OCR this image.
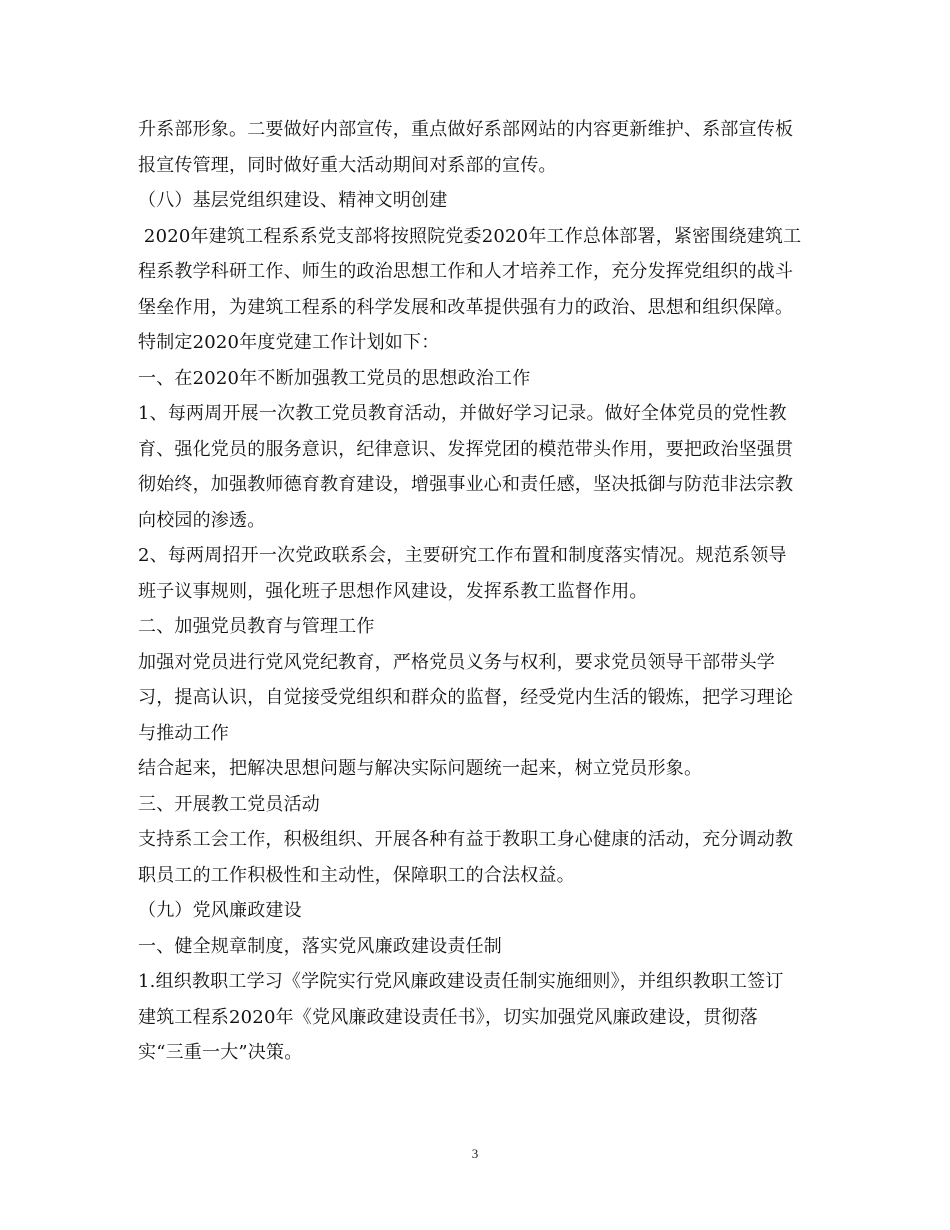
升系部形象。二要做好内部宣传，重点做好系部网站的内容更新维护、系部宣传板
报宣传管理，同时做好重大活动期间对系部的宣传。
（八）基层党组织建设、精神文明创建
2020年建筑工程系系党支部将按照院党委2020年工作总体部署，紧密围绕建筑工
程系教学科研工作、师生的政治思想工作和人才培养工作，充分发挥党组织的战斗
堡垒作用，为建筑工程系的科学发展和改革提供强有力的政治、思想和组织保障。
特制定2020年度党建工作计划如下：
一、在2020年不断加强教工党员的思想政治工作
1、每两周开展一次教工党员教育活动，并做好学习记录。做好全体党员的党性教
育、强化党员的服务意识，纪律意识、发挥党团的模范带头作用，要把政治坚强贯
彻始终，加强教师德育教育建设，增强事业心和责任感，坚决抵御与防范非法宗教
向校园的渗透。
2、每两周招开一次党政联系会，主要研究工作布置和制度落实情况。规范系领导
班子议事规则，强化班子思想作风建设，发挥系教工监督作用。
二、加强党员教育与管理工作
加强对党员进行党风党纪教育，严格党员义务与权利，要求党员领导干部带头学
习，提高认识，自觉接受党组织和群众的监督，经受党内生活的锻炼，把学习理论
与推动工作
结合起来，把解决思想问题与解决实际问题统一起来，树立党员形象。
三、开展教工党员活动
支持系工会工作，积极组织、开展各种有益于教职工身心健康的活动，充分调动教
职员工的工作积极性和主动性，保障职工的合法权益。
（九）党风廉政建设
一、健全规章制度，落实党风廉政建设责任制
1.组织教职工学习《学院实行党风廉政建设责任制实施细则》，并组织教职工签订
建筑工程系2020年《党风廉政建设责任书》，切实加强党风廉政建设，贯彻落
实“三重一大”决策。
3
